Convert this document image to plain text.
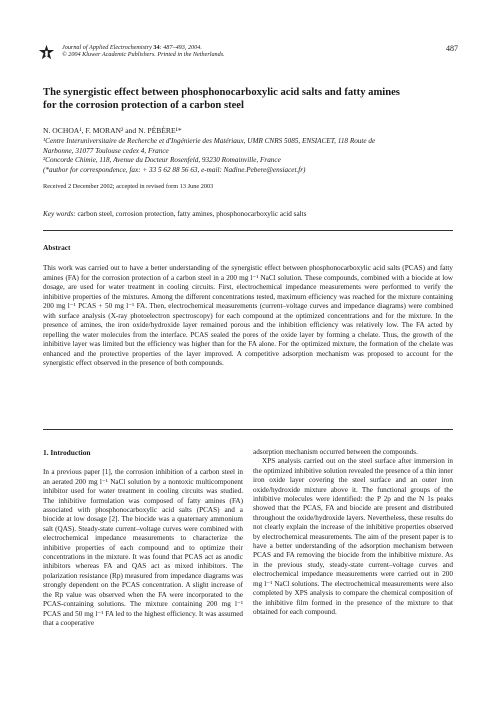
Journal of Applied Electrochemistry 34: 487–493, 2004.
© 2004 Kluwer Academic Publishers. Printed in the Netherlands.
487
The synergistic effect between phosphonocarboxylic acid salts and fatty amines
for the corrosion protection of a carbon steel
N. OCHOA¹, F. MORAN² and N. PÉBÈRE¹*
¹Centre Interuniversitaire de Recherche et d'Ingénierie des Matériaux, UMR CNRS 5085, ENSIACET, 118 Route de
Narbonne, 31077 Toulouse cedex 4, France
²Concorde Chimie, 118, Avenue du Docteur Rosenfeld, 93230 Romainville, France
(*author for correspondence, fax: + 33 5 62 88 56 63, e-mail: Nadine.Pebere@ensiacet.fr)
Received 2 December 2002; accepted in revised form 13 June 2003
Key words: carbon steel, corrosion protection, fatty amines, phosphonocarboxylic acid salts
Abstract
This work was carried out to have a better understanding of the synergistic effect between phosphonocarboxylic acid salts (PCAS) and fatty amines (FA) for the corrosion protection of a carbon steel in a 200 mg l⁻¹ NaCl solution. These compounds, combined with a biocide at low dosage, are used for water treatment in cooling circuits. First, electrochemical impedance measurements were performed to verify the inhibitive properties of the mixtures. Among the different concentrations tested, maximum efficiency was reached for the mixture containing 200 mg l⁻¹ PCAS + 50 mg l⁻¹ FA. Then, electrochemical measurements (current–voltage curves and impedance diagrams) were combined with surface analysis (X-ray photoelectron spectroscopy) for each compound at the optimized concentrations and for the mixture. In the presence of amines, the iron oxide/hydroxide layer remained porous and the inhibition efficiency was relatively low. The FA acted by repelling the water molecules from the interface. PCAS sealed the pores of the oxide layer by forming a chelate. Thus, the growth of the inhibitive layer was limited but the efficiency was higher than for the FA alone. For the optimized mixture, the formation of the chelate was enhanced and the protective properties of the layer improved. A competitive adsorption mechanism was proposed to account for the synergistic effect observed in the presence of both compounds.
1. Introduction

In a previous paper [1], the corrosion inhibition of a carbon steel in an aerated 200 mg l⁻¹ NaCl solution by a nontoxic multicomponent inhibitor used for water treatment in cooling circuits was studied. The inhibitive formulation was composed of fatty amines (FA) associated with phosphonocarboxylic acid salts (PCAS) and a biocide at low dosage [2]. The biocide was a quaternary ammonium salt (QAS). Steady-state current–voltage curves were combined with electrochemical impedance measurements to characterize the inhibitive properties of each compound and to optimize their concentrations in the mixture. It was found that PCAS act as anodic inhibitors whereas FA and QAS act as mixed inhibitors. The polarization resistance (Rp) measured from impedance diagrams was strongly dependent on the PCAS concentration. A slight increase of the Rp value was observed when the FA were incorporated to the PCAS-containing solutions. The mixture containing 200 mg l⁻¹ PCAS and 50 mg l⁻¹ FA led to the highest efficiency. It was assumed that a cooperative

adsorption mechanism occurred between the compounds.

XPS analysis carried out on the steel surface after immersion in the optimized inhibitive solution revealed the presence of a thin inner iron oxide layer covering the steel surface and an outer iron oxide/hydroxide mixture above it. The functional groups of the inhibitive molecules were identified: the P 2p and the N 1s peaks showed that the PCAS, FA and biocide are present and distributed throughout the oxide/hydroxide layers. Nevertheless, these results do not clearly explain the increase of the inhibitive properties observed by electrochemical measurements. The aim of the present paper is to have a better understanding of the adsorption mechanism between PCAS and FA removing the biocide from the inhibitive mixture. As in the previous study, steady-state current–voltage curves and electrochemical impedance measurements were carried out in 200 mg l⁻¹ NaCl solutions. The electrochemical measurements were also completed by XPS analysis to compare the chemical composition of the inhibitive film formed in the presence of the mixture to that obtained for each compound.
